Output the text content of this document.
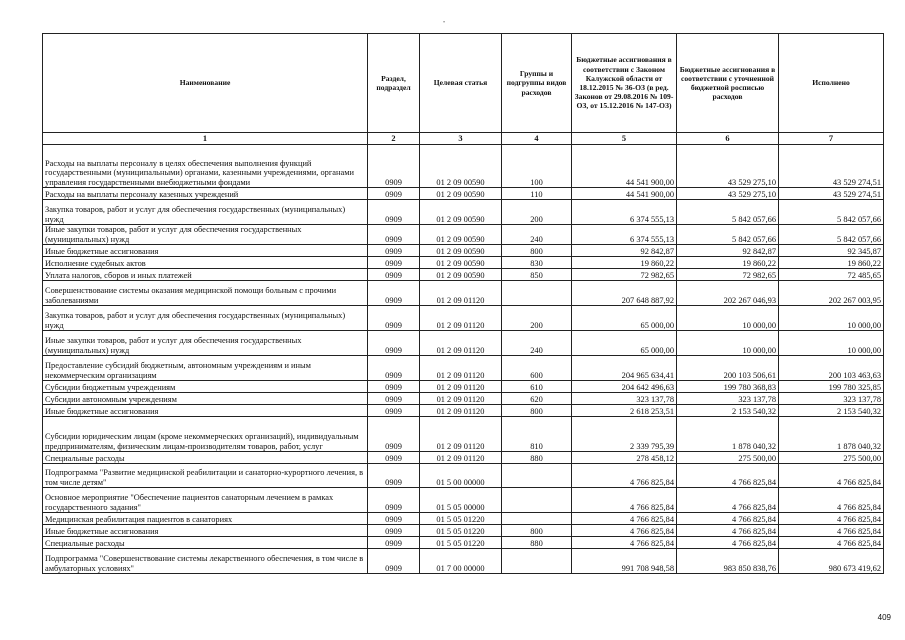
Наименование	Раздел, подраздел	Целевая статья	Группы и подгруппы видов расходов	Бюджетные ассигнования в соответствии с Законом Калужской области от 18.12.2015 № 36-ОЗ (в ред. Законов от 29.08.2016 № 109-ОЗ, от 15.12.2016 № 147-ОЗ)	Бюджетные ассигнования в соответствии с уточненной бюджетной росписью расходов	Исполнено
1	2	3	4	5	6	7
Расходы на выплаты персоналу в целях обеспечения выполнения функций государственными (муниципальными) органами, казенными учреждениями, органами управления государственными внебюджетными фондами	0909	01 2 09 00590	100	44 541 900,00	43 529 275,10	43 529 274,51
Расходы на выплаты персоналу казенных учреждений	0909	01 2 09 00590	110	44 541 900,00	43 529 275,10	43 529 274,51
Закупка товаров, работ и услуг для обеспечения государственных (муниципальных) нужд	0909	01 2 09 00590	200	6 374 555,13	5 842 057,66	5 842 057,66
Иные закупки товаров, работ и услуг для обеспечения государственных (муниципальных) нужд	0909	01 2 09 00590	240	6 374 555,13	5 842 057,66	5 842 057,66
Иные бюджетные ассигнования	0909	01 2 09 00590	800	92 842,87	92 842,87	92 345,87
Исполнение судебных актов	0909	01 2 09 00590	830	19 860,22	19 860,22	19 860,22
Уплата налогов, сборов и иных платежей	0909	01 2 09 00590	850	72 982,65	72 982,65	72 485,65
Совершенствование системы оказания медицинской помощи больным с прочими заболеваниями	0909	01 2 09 01120		207 648 887,92	202 267 046,93	202 267 003,95
Закупка товаров, работ и услуг для обеспечения государственных (муниципальных) нужд	0909	01 2 09 01120	200	65 000,00	10 000,00	10 000,00
Иные закупки товаров, работ и услуг для обеспечения государственных (муниципальных) нужд	0909	01 2 09 01120	240	65 000,00	10 000,00	10 000,00
Предоставление субсидий бюджетным, автономным учреждениям и иным некоммерческим организациям	0909	01 2 09 01120	600	204 965 634,41	200 103 506,61	200 103 463,63
Субсидии бюджетным учреждениям	0909	01 2 09 01120	610	204 642 496,63	199 780 368,83	199 780 325,85
Субсидии автономным учреждениям	0909	01 2 09 01120	620	323 137,78	323 137,78	323 137,78
Иные бюджетные ассигнования	0909	01 2 09 01120	800	2 618 253,51	2 153 540,32	2 153 540,32
Субсидии юридическим лицам (кроме некоммерческих организаций), индивидуальным предпринимателям, физическим лицам-производителям товаров, работ, услуг	0909	01 2 09 01120	810	2 339 795,39	1 878 040,32	1 878 040,32
Специальные расходы	0909	01 2 09 01120	880	278 458,12	275 500,00	275 500,00
Подпрограмма "Развитие медицинской реабилитации и санаторно-курортного лечения, в том числе детям"	0909	01 5 00 00000		4 766 825,84	4 766 825,84	4 766 825,84
Основное мероприятие "Обеспечение пациентов санаторным лечением в рамках государственного задания"	0909	01 5 05 00000		4 766 825,84	4 766 825,84	4 766 825,84
Медицинская реабилитация пациентов в санаториях	0909	01 5 05 01220		4 766 825,84	4 766 825,84	4 766 825,84
Иные бюджетные ассигнования	0909	01 5 05 01220	800	4 766 825,84	4 766 825,84	4 766 825,84
Специальные расходы	0909	01 5 05 01220	880	4 766 825,84	4 766 825,84	4 766 825,84
Подпрограмма "Совершенствование системы лекарственного обеспечения, в том числе в амбулаторных условиях"	0909	01 7 00 00000		991 708 948,58	983 850 838,76	980 673 419,62
409
•
